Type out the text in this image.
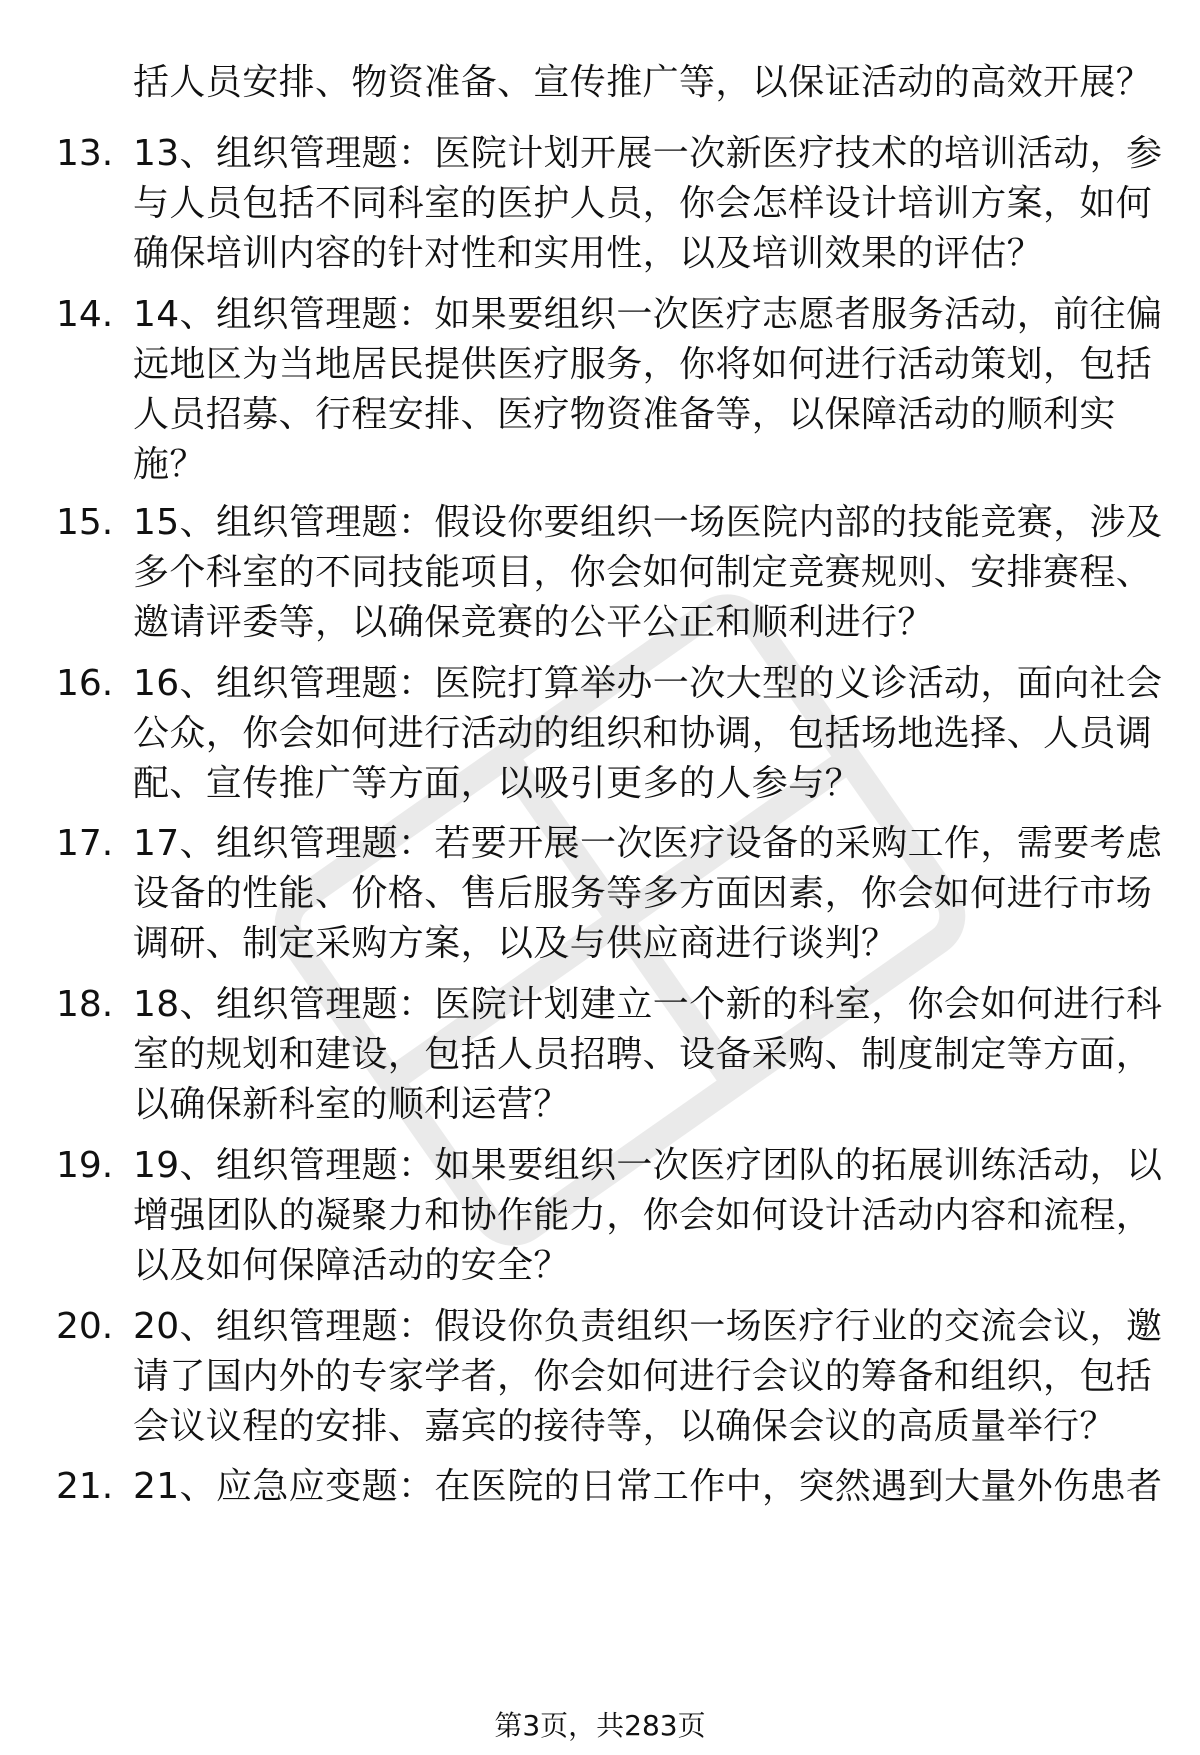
括人员安排、物资准备、宣传推广等，以保证活动的高效开展？
13. 13、组织管理题：医院计划开展一次新医疗技术的培训活动，参
与人员包括不同科室的医护人员，你会怎样设计培训方案，如何
确保培训内容的针对性和实用性，以及培训效果的评估？
14. 14、组织管理题：如果要组织一次医疗志愿者服务活动，前往偏
远地区为当地居民提供医疗服务，你将如何进行活动策划，包括
人员招募、行程安排、医疗物资准备等，以保障活动的顺利实
施？
15. 15、组织管理题：假设你要组织一场医院内部的技能竞赛，涉及
多个科室的不同技能项目，你会如何制定竞赛规则、安排赛程、
邀请评委等，以确保竞赛的公平公正和顺利进行？
16. 16、组织管理题：医院打算举办一次大型的义诊活动，面向社会
公众，你会如何进行活动的组织和协调，包括场地选择、人员调
配、宣传推广等方面，以吸引更多的人参与？
17. 17、组织管理题：若要开展一次医疗设备的采购工作，需要考虑
设备的性能、价格、售后服务等多方面因素，你会如何进行市场
调研、制定采购方案，以及与供应商进行谈判？
18. 18、组织管理题：医院计划建立一个新的科室，你会如何进行科
室的规划和建设，包括人员招聘、设备采购、制度制定等方面，
以确保新科室的顺利运营？
19. 19、组织管理题：如果要组织一次医疗团队的拓展训练活动，以
增强团队的凝聚力和协作能力，你会如何设计活动内容和流程，
以及如何保障活动的安全？
20. 20、组织管理题：假设你负责组织一场医疗行业的交流会议，邀
请了国内外的专家学者，你会如何进行会议的筹备和组织，包括
会议议程的安排、嘉宾的接待等，以确保会议的高质量举行？
21. 21、应急应变题：在医院的日常工作中，突然遇到大量外伤患者
第3页，共283页
